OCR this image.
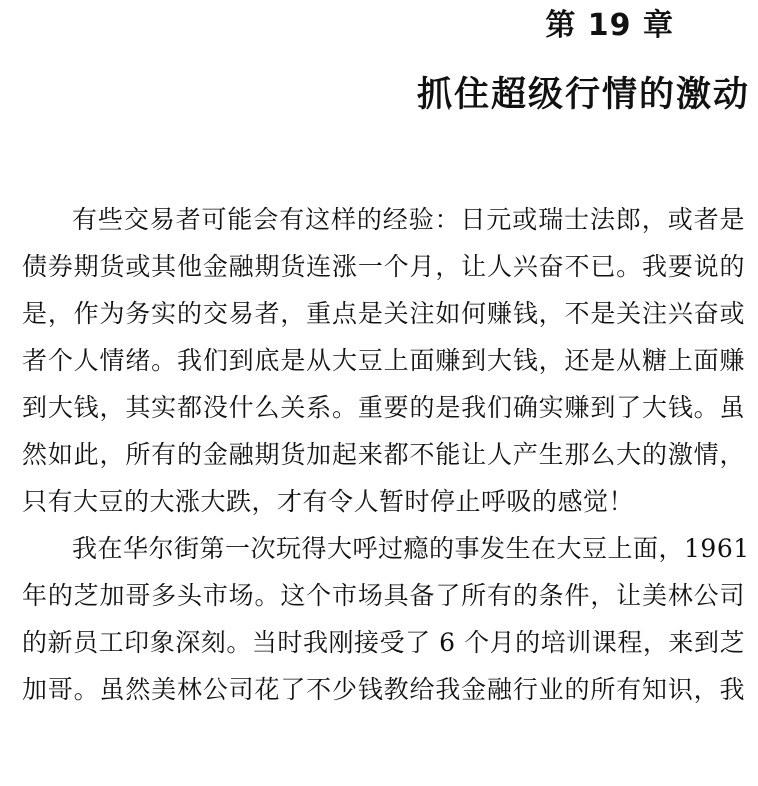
第 19 章
抓住超级行情的激动
有些交易者可能会有这样的经验：日元或瑞士法郎，或者是
债券期货或其他金融期货连涨一个月，让人兴奋不已。我要说的
是，作为务实的交易者，重点是关注如何赚钱，不是关注兴奋或
者个人情绪。我们到底是从大豆上面赚到大钱，还是从糖上面赚
到大钱，其实都没什么关系。重要的是我们确实赚到了大钱。虽
然如此，所有的金融期货加起来都不能让人产生那么大的激情，
只有大豆的大涨大跌，才有令人暂时停止呼吸的感觉！
我在华尔街第一次玩得大呼过瘾的事发生在大豆上面，1961
年的芝加哥多头市场。这个市场具备了所有的条件，让美林公司
的新员工印象深刻。当时我刚接受了 6 个月的培训课程，来到芝
加哥。虽然美林公司花了不少钱教给我金融行业的所有知识，我
